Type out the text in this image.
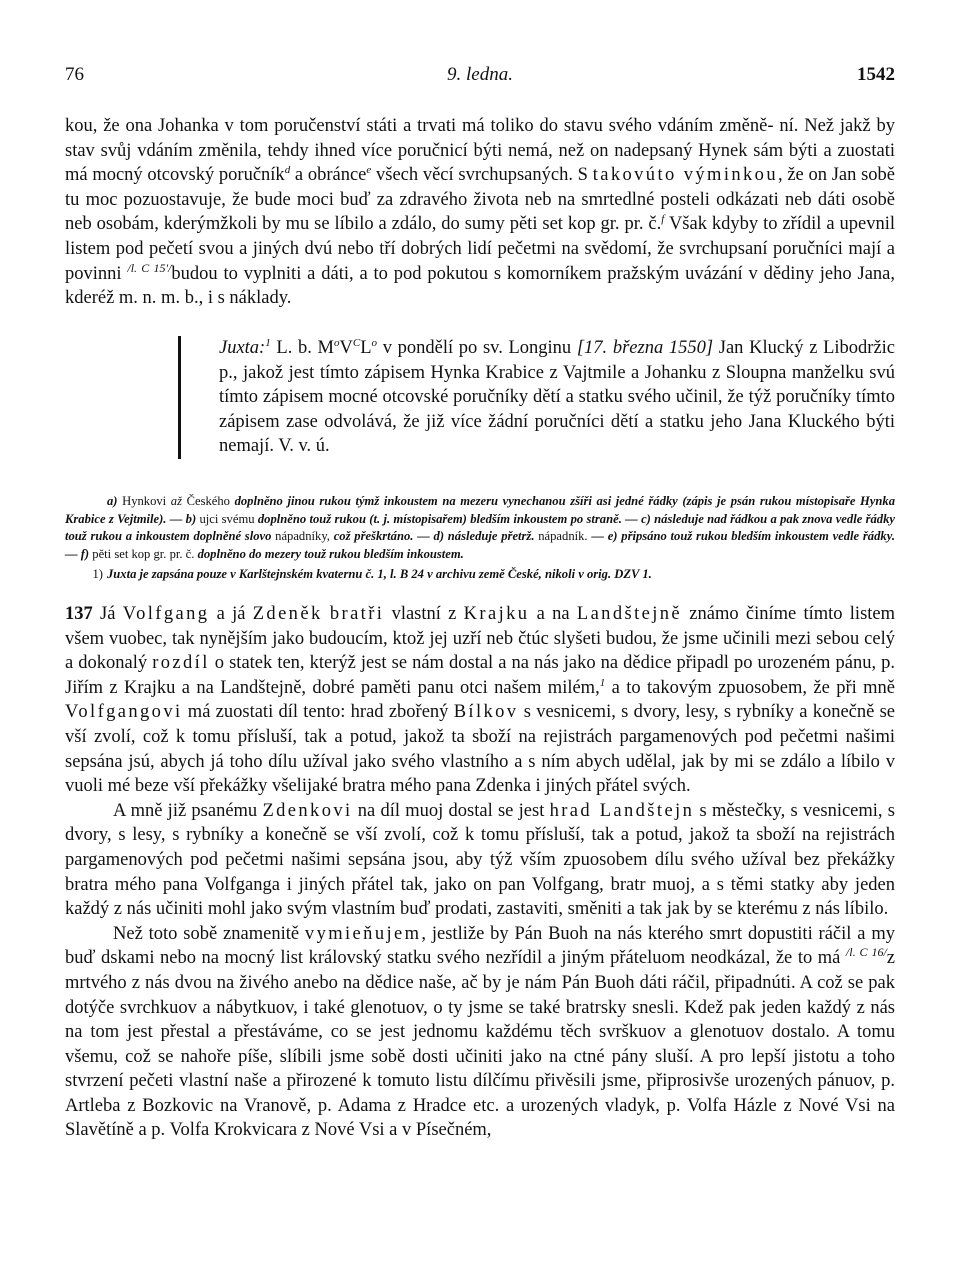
76	9. ledna.	1542

kou, že ona Johanka v tom poručenství státi a trvati má toliko do stavu svého vdáním změně- ní. Než jakž by stav svůj vdáním změnila, tehdy ihned více poručnicí býti nemá, než on nadepsaný Hynek sám býti a zuostati má mocný otcovský poručník$^d$ a obránce$^e$ všech věcí svrchupsaných. S takovúto výminkou, že on Jan sobě tu moc pozuostavuje, že bude moci buď za zdravého života neb na smrtedlné posteli odkázati neb dáti osobě neb osobám, kderýmžkoli by mu se líbilo a zdálo, do sumy pěti set kop gr. pr. č.$^f$ Však kdyby to zřídil a upevnil listem pod pečetí svou a jiných dvú nebo tří dobrých lidí pečetmi na svědomí, že svrchupsaní poručníci mají a povinni $^{/l. C 15'/}$budou to vyplniti a dáti, a to pod pokutou s komorníkem pražským uvázání v dědiny jeho Jana, kderéž m. n. m. b., i s náklady.

Juxta:$^1$ L. b. $M^oV^CL^o$ v pondělí po sv. Longinu [17. března 1550] Jan Klucký z Libodržic p., jakož jest tímto zápisem Hynka Krabice z Vajtmile a Johanku z Sloupna manželku svú tímto zápisem mocné otcovské poručníky dětí a statku svého učinil, že týž poručníky tímto zápisem zase odvolává, že již více žádní poručníci dětí a statku jeho Jana Kluckého býti nemají. V. v. ú.

a) Hynkovi až Českého doplněno jinou rukou týmž inkoustem na mezeru vynechanou zšíři asi jedné řádky (zápis je psán rukou místopisaře Hynka Krabice z Vejtmile). — b) ujci svému doplněno touž rukou (t. j. místopisařem) bledším inkoustem po straně. — c) následuje nad řádkou a pak znova vedle řádky touž rukou a inkoustem doplněné slovo nápadníky, což přeškrtáno. — d) následuje přetrž. nápadník. — e) připsáno touž rukou bledším inkoustem vedle řádky. — f) pěti set kop gr. pr. č. doplněno do mezery touž rukou bledším inkoustem.

1) Juxta je zapsána pouze v Karlštejnském kvaternu č. 1, l. B 24 v archivu země České, nikoli v orig. DZV 1.

137 Já Volfgang a já Zdeněk bratři vlastní z Krajku a na Landštejně známo činíme tímto listem všem vuobec, tak nynějším jako budoucím, ktož jej uzří neb čtúc slyšeti budou, že jsme učinili mezi sebou celý a dokonalý rozdíl o statek ten, kterýž jest se nám dostal a na nás jako na dědice připadl po urozeném pánu, p. Jiřím z Krajku a na Landštejně, dobré paměti panu otci našem milém,$^1$ a to takovým zpuosobem, že při mně Volfgangovi má zuostati díl tento: hrad zbořený Bílkov s vesnicemi, s dvory, lesy, s rybníky a konečně se vší zvolí, což k tomu přísluší, tak a potud, jakož ta sboží na rejistrách pargamenových pod pečetmi našimi sepsána jsú, abych já toho dílu užíval jako svého vlastního a s ním abych udělal, jak by mi se zdálo a líbilo v vuoli mé beze vší překážky všelijaké bratra mého pana Zdenka i jiných přátel svých.

A mně již psanému Zdenkovi na díl muoj dostal se jest hrad Landštejn s městečky, s vesnicemi, s dvory, s lesy, s rybníky a konečně se vší zvolí, což k tomu přísluší, tak a potud, jakož ta sboží na rejistrách pargamenových pod pečetmi našimi sepsána jsou, aby týž vším zpuosobem dílu svého užíval bez překážky bratra mého pana Volfganga i jiných přátel tak, jako on pan Volfgang, bratr muoj, a s těmi statky aby jeden každý z nás učiniti mohl jako svým vlastním buď prodati, zastaviti, směniti a tak jak by se kterému z nás líbilo.

Než toto sobě znamenitě vymieňujem, jestliže by Pán Buoh na nás kterého smrt dopustiti ráčil a my buď dskami nebo na mocný list královský statku svého nezřídil a jiným přáteluom neodkázal, že to má $^{/l. C 16/}$z mrtvého z nás dvou na živého anebo na dědice naše, ač by je nám Pán Buoh dáti ráčil, připadnúti. A což se pak dotýče svrchkuov a nábytkuov, i také glenotuov, o ty jsme se také bratrsky snesli. Kdež pak jeden každý z nás na tom jest přestal a přestáváme, co se jest jednomu každému těch svrškuov a glenotuov dostalo. A tomu všemu, což se nahoře píše, slíbili jsme sobě dosti učiniti jako na ctné pány sluší. A pro lepší jistotu a toho stvrzení pečeti vlastní naše a přirozené k tomuto listu dílčímu přivěsili jsme, připrosivše urozených pánuov, p. Artleba z Bozkovic na Vranově, p. Adama z Hradce etc. a urozených vladyk, p. Volfa Házle z Nové Vsi na Slavětíně a p. Volfa Krokvicara z Nové Vsi a v Písečném,
